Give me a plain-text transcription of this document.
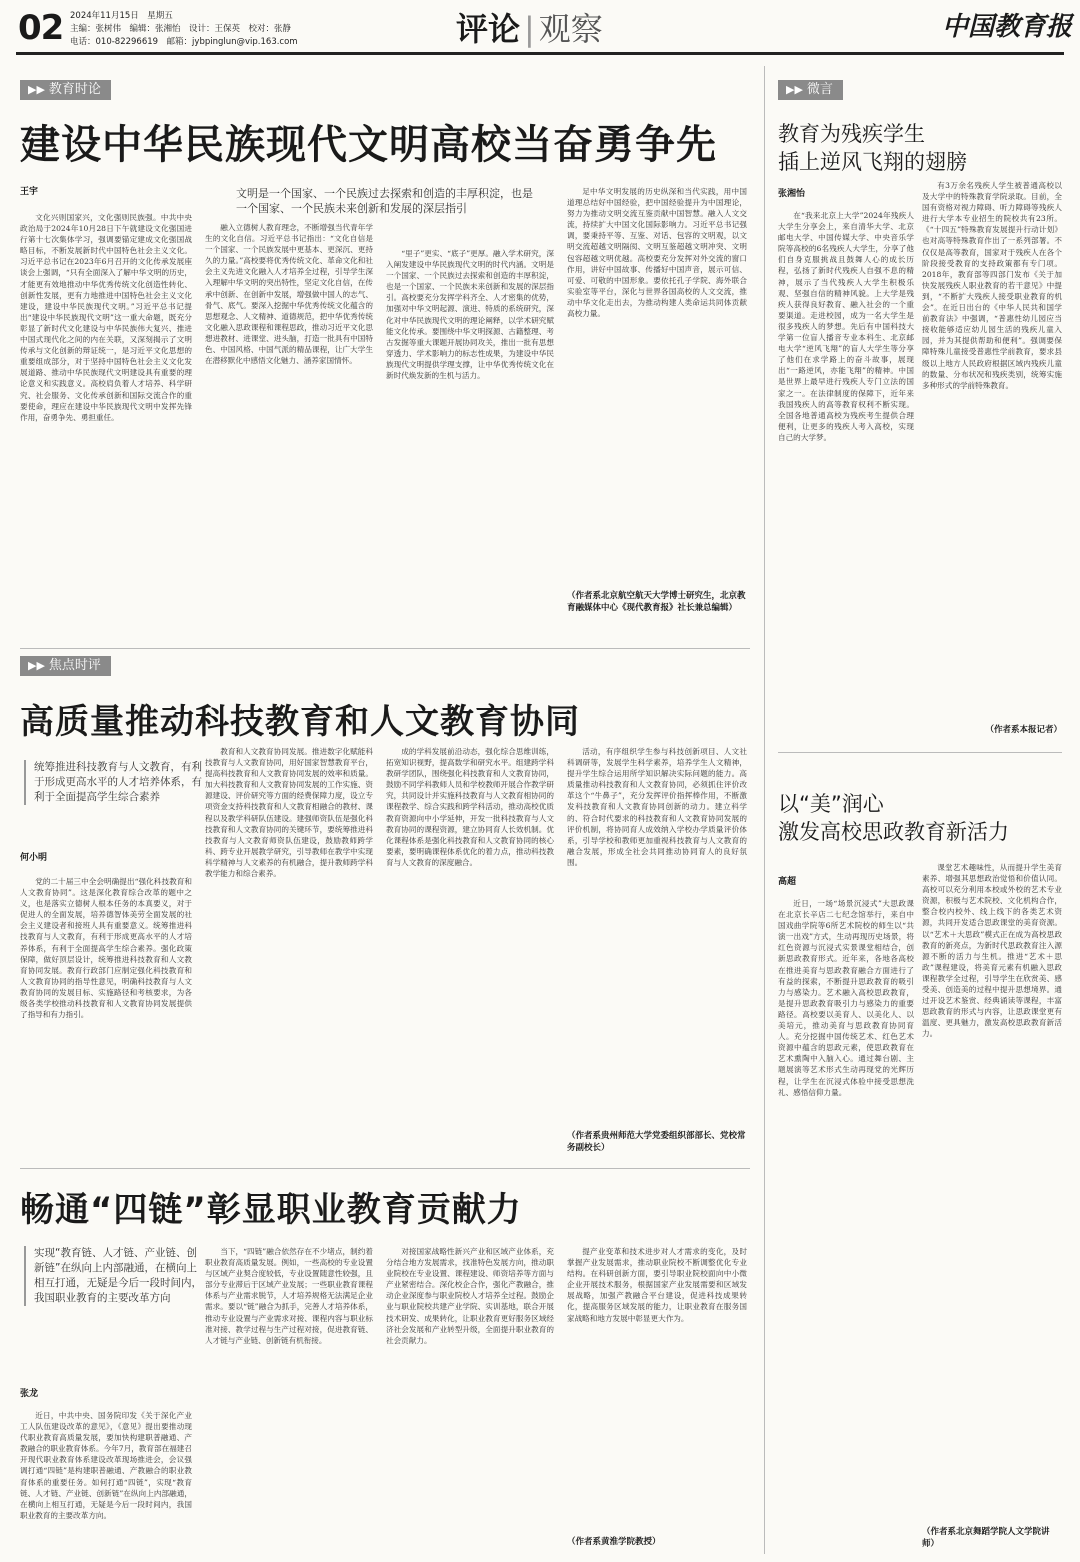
02 2024年11月15日　星期五
主编：张树伟　编辑：张湘怡　设计：王保英　校对：张静
电话：010-82296619　邮箱：jybpinglun@vip.163.com	评论 | 观察	中国教育报
▶▶ 教育时论
建设中华民族现代文明高校当奋勇争先
王宇	文明是一个国家、一个民族过去探索和创造的丰厚积淀，也是一个国家、一个民族未来创新和发展的深层指引

文化兴则国家兴，文化强则民族强。中共中央政治局于2024年10月28日下午就建设文化强国进行第十七次集体学习，强调要锚定建成文化强国战略目标，不断发展新时代中国特色社会主义文化。习近平总书记在2023年6月召开的文化传承发展座谈会上强调，“只有全面深入了解中华文明的历史，才能更有效地推动中华优秀传统文化创造性转化、创新性发展，更有力地推进中国特色社会主义文化建设，建设中华民族现代文明。”习近平总书记提出“建设中华民族现代文明”这一重大命题，既充分彰显了新时代文化建设与中华民族伟大复兴、推进中国式现代化之间的内在关联，又深刻揭示了文明传承与文化创新的辩证统一，是习近平文化思想的重要组成部分，对于坚持中国特色社会主义文化发展道路、推动中华民族现代文明建设具有重要的理论意义和实践意义。高校肩负着人才培养、科学研究、社会服务、文化传承创新和国际交流合作的重要使命，理应在建设中华民族现代文明中发挥先锋作用，奋勇争先、勇担重任。

融入立德树人教育理念，不断增强当代青年学生的文化自信。习近平总书记指出：“文化自信是一个国家、一个民族发展中更基本、更深沉、更持久的力量。”高校要将优秀传统文化、革命文化和社会主义先进文化融入人才培养全过程，引导学生深入理解中华文明的突出特性，坚定文化自信，在传承中创新、在创新中发展，增强做中国人的志气、骨气、底气。要深入挖掘中华优秀传统文化蕴含的思想观念、人文精神、道德规范，把中华优秀传统文化融入思政课程和课程思政，推动习近平文化思想进教材、进课堂、进头脑，打造一批具有中国特色、中国风格、中国气派的精品课程，让广大学生在潜移默化中感悟文化魅力、涵养家国情怀。

“里子”更实、“底子”更厚。融入学术研究，深入阐发建设中华民族现代文明的时代内涵。文明是一个国家、一个民族过去探索和创造的丰厚积淀，也是一个国家、一个民族未来创新和发展的深层指引。高校要充分发挥学科齐全、人才密集的优势，加强对中华文明起源、演进、特质的系统研究，深化对中华民族现代文明的理论阐释，以学术研究赋能文化传承。要围绕中华文明探源、古籍整理、考古发掘等重大课题开展协同攻关，推出一批有思想穿透力、学术影响力的标志性成果，为建设中华民族现代文明提供学理支撑，让中华优秀传统文化在新时代焕发新的生机与活力。

足中华文明发展的历史纵深和当代实践，用中国道理总结好中国经验，把中国经验提升为中国理论，努力为推动文明交流互鉴贡献中国智慧。融入人文交流，持续扩大中国文化国际影响力。习近平总书记强调，要秉持平等、互鉴、对话、包容的文明观，以文明交流超越文明隔阂、文明互鉴超越文明冲突、文明包容超越文明优越。高校要充分发挥对外交流的窗口作用，讲好中国故事、传播好中国声音，展示可信、可爱、可敬的中国形象。要依托孔子学院、海外联合实验室等平台，深化与世界各国高校的人文交流，推动中华文化走出去，为推动构建人类命运共同体贡献高校力量。

（作者系北京航空航天大学博士研究生，北京教育融媒体中心《现代教育报》社长兼总编辑）
▶▶ 焦点时评
高质量推动科技教育和人文教育协同
统筹推进科技教育与人文教育，有利于形成更高水平的人才培养体系，有利于全面提高学生综合素养
何小明

党的二十届三中全会明确提出“强化科技教育和人文教育协同”。这是深化教育综合改革的题中之义，也是落实立德树人根本任务的本真要义，对于促进人的全面发展，培养德智体美劳全面发展的社会主义建设者和接班人具有重要意义。统筹推进科技教育与人文教育，有利于形成更高水平的人才培养体系，有利于全面提高学生综合素养。强化政策保障，做好顶层设计，统筹推进科技教育和人文教育协同发展。教育行政部门应制定强化科技教育和人文教育协同的指导性意见，明确科技教育与人文教育协同的发展目标、实施路径和考核要求，为各级各类学校推动科技教育和人文教育协同发展提供了指导和有力指引。

教育和人文教育协同发展。推进数字化赋能科技教育与人文教育协同，用好国家智慧教育平台，提高科技教育和人文教育协同发展的效率和质量。加大科技教育和人文教育协同发展的工作实施、资源建设、评价研究等方面的经费保障力度，设立专项资金支持科技教育和人文教育相融合的教材、课程以及教学科研队伍建设。建强师资队伍是强化科技教育和人文教育协同的关键环节，要统筹推进科技教育与人文教育师资队伍建设，鼓励教师跨学科、跨专业开展教学研究，引导教师在教学中实现科学精神与人文素养的有机融合，提升教师跨学科教学能力和综合素养。

成的学科发展前沿动态，强化综合思维训练，拓宽知识视野，提高数学和研究水平。组建跨学科教研学团队，围绕强化科技教育和人文教育协同，鼓励不同学科教师人员和学校教师开展合作教学研究，共同设计并实施科技教育与人文教育相协同的课程教学、综合实践和跨学科活动，推动高校优质教育资源向中小学延伸，开发一批科技教育与人文教育协同的课程资源，建立协同育人长效机制。优化课程体系是强化科技教育和人文教育协同的核心要素，要明确课程体系优化的着力点，推动科技教育与人文教育的深度融合。

活动，有序组织学生参与科技创新项目、人文社科调研等，发展学生科学素养，培养学生人文精神，提升学生综合运用所学知识解决实际问题的能力。高质量推动科技教育和人文教育协同，必须抓住评价改革这个“牛鼻子”，充分发挥评价指挥棒作用，不断激发科技教育和人文教育协同创新的动力。建立科学的、符合时代要求的科技教育和人文教育协同发展的评价机制，将协同育人成效纳入学校办学质量评价体系，引导学校和教师更加重视科技教育与人文教育的融合发展，形成全社会共同推动协同育人的良好氛围。

（作者系贵州师范大学党委组织部部长、党校常务副校长）
畅通“四链”彰显职业教育贡献力
实现“教育链、人才链、产业链、创新链”在纵向上内部融通，在横向上相互打通，无疑是今后一段时间内，我国职业教育的主要改革方向
张龙

近日，中共中央、国务院印发《关于深化产业工人队伍建设改革的意见》，《意见》提出要推动现代职业教育高质量发展，要加快构建职普融通、产教融合的职业教育体系。今年7月，教育部在福建召开现代职业教育体系建设改革现场推进会，会议强调打通“四链”是构建职普融通、产教融合的职业教育体系的重要任务。如何打通“四链”，实现“教育链、人才链、产业链、创新链”在纵向上内部融通，在横向上相互打通，无疑是今后一段时间内，我国职业教育的主要改革方向。

当下，“四链”融合依然存在不少堵点，制约着职业教育高质量发展。例如，一些高校的专业设置与区域产业契合度较低，专业设置随意性较强，且部分专业滞后于区域产业发展；一些职业教育课程体系与产业需求脱节，人才培养规格无法满足企业需求。要以“链”融合为抓手，完善人才培养体系，推动专业设置与产业需求对接、课程内容与职业标准对接、教学过程与生产过程对接，促进教育链、人才链与产业链、创新链有机衔接。

对接国家战略性新兴产业和区域产业体系，充分结合地方发展需求，找准特色发展方向，推动职业院校在专业设置、课程建设、师资培养等方面与产业紧密结合。深化校企合作，强化产教融合，推动企业深度参与职业院校人才培养全过程。鼓励企业与职业院校共建产业学院、实训基地，联合开展技术研发、成果转化，让职业教育更好服务区域经济社会发展和产业转型升级，全面提升职业教育的社会贡献力。

提产业变革和技术进步对人才需求的变化，及时掌握产业发展需求，推动职业院校不断调整优化专业结构。在科研创新方面，要引导职业院校面向中小微企业开展技术服务，根据国家产业发展需要和区域发展战略，加强产教融合平台建设，促进科技成果转化，提高服务区域发展的能力，让职业教育在服务国家战略和地方发展中彰显更大作为。

（作者系黄淮学院教授）
▶▶ 微言
教育为残疾学生
插上逆风飞翔的翅膀
张湘怡

在“我来北京上大学”2024年残疾人大学生分享会上，来自清华大学、北京邮电大学、中国传媒大学、中央音乐学院等高校的6名残疾人大学生，分享了他们自身克服挑战且鼓舞人心的成长历程，弘扬了新时代残疾人自强不息的精神，展示了当代残疾人大学生积极乐观、坚强自信的精神风貌。上大学是残疾人获得良好教育、融入社会的一个重要渠道。走进校园，成为一名大学生是很多残疾人的梦想。先后有中国科技大学第一位盲人播音专业本科生、北京邮电大学“逆风飞翔”的盲人大学生等分享了他们在求学路上的奋斗故事，展现出“一路逆风，亦能飞翔”的精神。中国是世界上最早进行残疾人专门立法的国家之一。在法律制度的保障下，近年来我国残疾人的高等教育权利不断实现。全国各地普通高校为残疾考生提供合理便利，让更多的残疾人考入高校，实现自己的大学梦。

有3万余名残疾人学生被普通高校以及大学中的特殊教育学院录取。目前，全国有资格对视力障碍、听力障碍等残疾人进行大学本专业招生的院校共有23所。《“十四五”特殊教育发展提升行动计划》也对高等特殊教育作出了一系列部署。不仅仅是高等教育，国家对于残疾人在各个阶段接受教育的支持政策都有专门项。2018年，教育部等四部门发布《关于加快发展残疾人职业教育的若干意见》中提到，“不断扩大残疾人接受职业教育的机会”。在近日出台的《中华人民共和国学前教育法》中强调，“普惠性幼儿园应当接收能够适应幼儿园生活的残疾儿童入园，并为其提供帮助和便利”。强调要保障特殊儿童接受普惠性学前教育，要求县级以上地方人民政府根据区域内残疾儿童的数量、分布状况和残疾类别，统筹实施多种形式的学前特殊教育。

（作者系本报记者）
以“美”润心
激发高校思政教育新活力
高超

近日，一场“场景沉浸式”大思政课在北京长辛店二七纪念馆举行，来自中国戏曲学院等6所艺术院校的师生以“共演一出戏”方式，生动再现历史场景，将红色资源与沉浸式实景课堂相结合，创新思政教育形式。近年来，各地各高校在推进美育与思政教育融合方面进行了有益的探索，不断提升思政教育的吸引力与感染力。艺术融入高校思政教育，是提升思政教育吸引力与感染力的重要路径。高校要以美育人、以美化人、以美培元，推动美育与思政教育协同育人。充分挖掘中国传统艺术、红色艺术资源中蕴含的思政元素，使思政教育在艺术熏陶中入脑入心。通过舞台剧、主题展演等艺术形式生动再现党的光辉历程，让学生在沉浸式体验中接受思想洗礼、感悟信仰力量。

课堂艺术趣味性，从而提升学生美育素养、增强其思想政治觉悟和价值认同。高校可以充分利用本校或外校的艺术专业资源，积极与艺术院校、文化机构合作，整合校内校外、线上线下的各类艺术资源，共同开发适合思政课堂的美育资源。以“艺术＋大思政”模式正在成为高校思政教育的新亮点，为新时代思政教育注入源源不断的活力与生机。推进“艺术＋思政”课程建设，将美育元素有机融入思政课程教学全过程，引导学生在欣赏美、感受美、创造美的过程中提升思想境界。通过开设艺术鉴赏、经典诵读等课程，丰富思政教育的形式与内容，让思政课堂更有温度、更具魅力，激发高校思政教育新活力。

（作者系北京舞蹈学院人文学院讲师）
